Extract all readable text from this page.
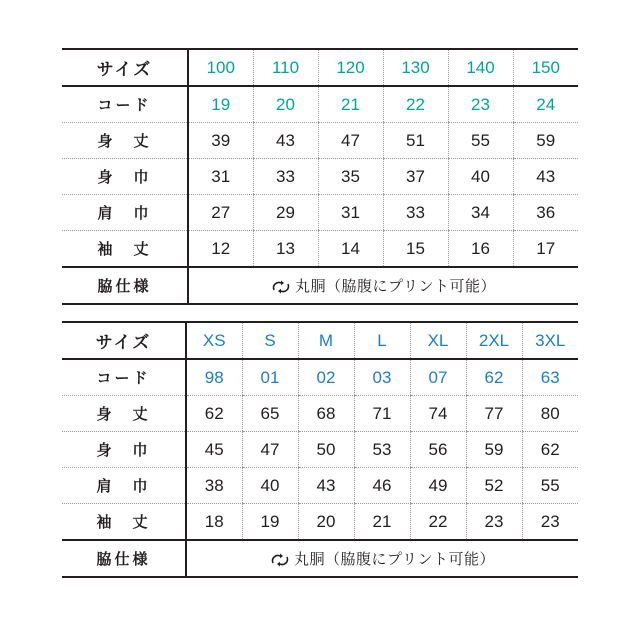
サイズ	100	110	120	130	140	150
コード	19	20	21	22	23	24
身　丈	39	43	47	51	55	59
身　巾	31	33	35	37	40	43
肩　巾	27	29	31	33	34	36
袖　丈	12	13	14	15	16	17
脇仕様	丸胴（脇腹にプリント可能）					
サイズ	XS	S	M	L	XL	2XL	3XL
コード	98	01	02	03	07	62	63
身　丈	62	65	68	71	74	77	80
身　巾	45	47	50	53	56	59	62
肩　巾	38	40	43	46	49	52	55
袖　丈	18	19	20	21	22	23	23
脇仕様	丸胴（脇腹にプリント可能）						
